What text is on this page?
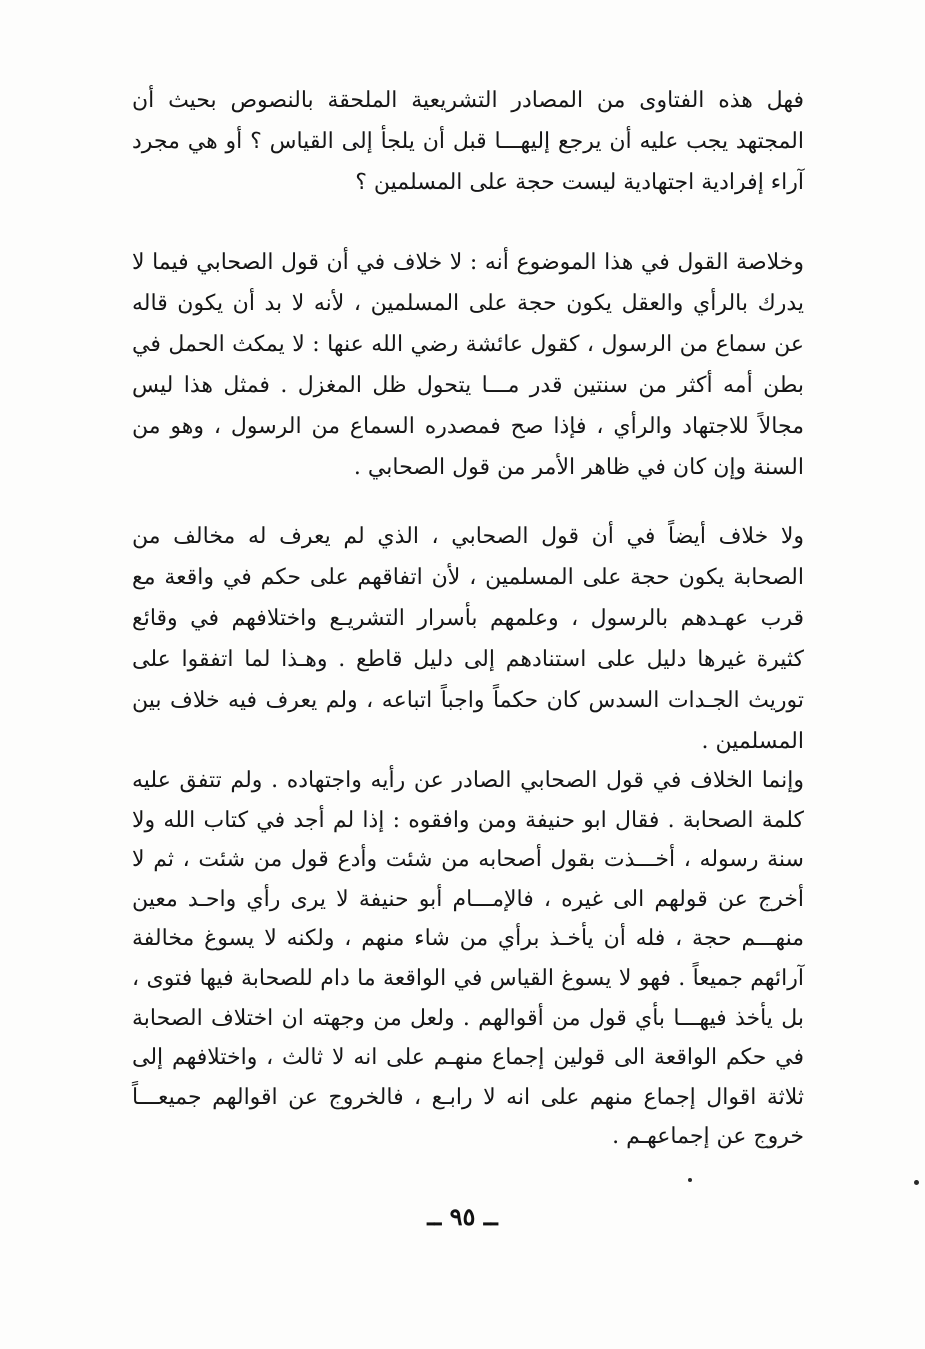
فهل هذه الفتاوى من المصادر التشريعية الملحقة بالنصوص بحيث أن المجتهد يجب عليه أن يرجع إليهـــا قبل أن يلجأ إلى القياس ؟ أو هي مجرد آراء إفرادية اجتهادية ليست حجة على المسلمين ؟

وخلاصة القول في هذا الموضوع أنه : لا خلاف في أن قول الصحابي فيما لا يدرك بالرأي والعقل يكون حجة على المسلمين ، لأنه لا بد أن يكون قاله عن سماع من الرسول ، كقول عائشة رضي الله عنها : لا يمكث الحمل في بطن أمه أكثر من سنتين قدر مـــا يتحول ظل المغزل . فمثل هذا ليس مجالاً للاجتهاد والرأي ، فإذا صح فمصدره السماع من الرسول ، وهو من السنة وإن كان في ظاهر الأمر من قول الصحابي .

ولا خلاف أيضاً في أن قول الصحابي ، الذي لم يعرف له مخالف من الصحابة يكون حجة على المسلمين ، لأن اتفاقهم على حكم في واقعة مع قرب عهـدهم بالرسول ، وعلمهم بأسرار التشريـع واختلافهم في وقائع كثيرة غيرها دليل على استنادهم إلى دليل قاطع . وهـذا لما اتفقوا على توريث الجـدات السدس كان حكماً واجباً اتباعه ، ولم يعرف فيه خلاف بين المسلمين .

وإنما الخلاف في قول الصحابي الصادر عن رأيه واجتهاده . ولم تتفق عليه كلمة الصحابة . فقال ابو حنيفة ومن وافقوه : إذا لم أجد في كتاب الله ولا سنة رسوله ، أخـــذت بقول أصحابه من شئت وأدع قول من شئت ، ثم لا أخرج عن قولهم الى غيره ، فالإمـــام أبو حنيفة لا يرى رأي واحـد معين منهـــم حجة ، فله أن يأخـذ برأي من شاء منهم ، ولكنه لا يسوغ مخالفة آرائهم جميعاً . فهو لا يسوغ القياس في الواقعة ما دام للصحابة فيها فتوى ، بل يأخذ فيهـــا بأي قول من أقوالهم . ولعل من وجهته ان اختلاف الصحابة في حكم الواقعة الى قولين إجماع منهـم على انه لا ثالث ، واختلافهم إلى ثلاثة اقوال إجماع منهم على انه لا رابـع ، فالخروج عن اقوالهم جميعـــاً خروج عن إجماعهـم .

ــ ٩٥ ــ
